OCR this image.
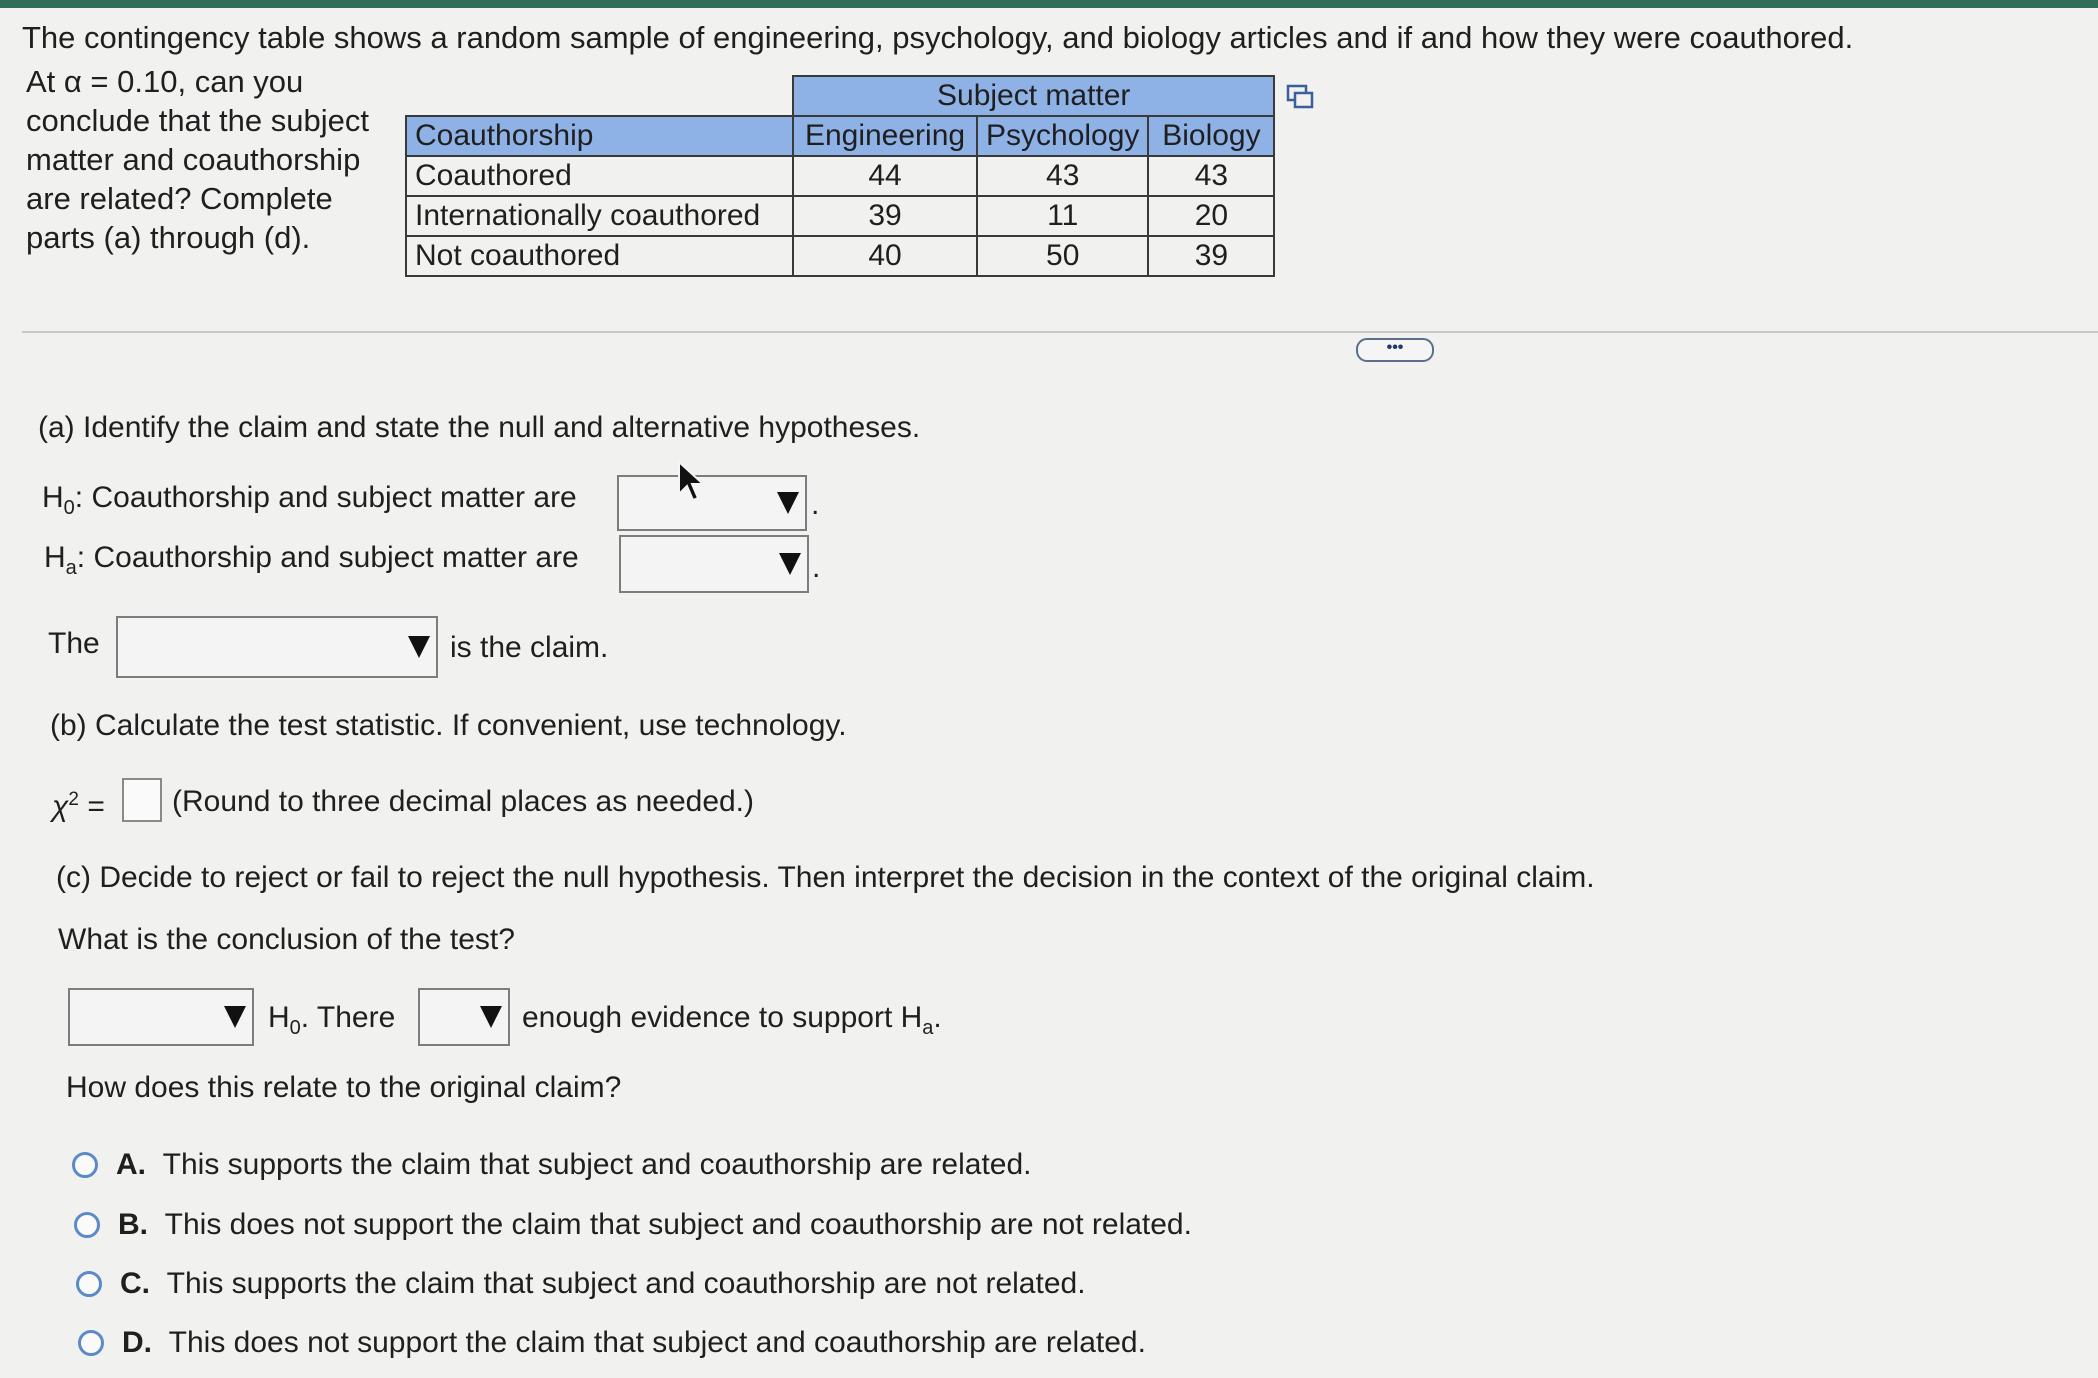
The contingency table shows a random sample of engineering, psychology, and biology articles and if and how they were coauthored.
At α = 0.10, can you
conclude that the subject
matter and coauthorship
are related? Complete
parts (a) through (d).
	Subject matter		
Coauthorship	Engineering	Psychology	Biology
Coauthored	44	43	43
Internationally coauthored	39	11	20
Not coauthored	40	50	39
•••
(a) Identify the claim and state the null and alternative hypotheses.
$H_0$: Coauthorship and subject matter are	.
$H_a$: Coauthorship and subject matter are	.
The	is the claim.
(b) Calculate the test statistic. If convenient, use technology.
$\chi^2$ = (Round to three decimal places as needed.)
(c) Decide to reject or fail to reject the null hypothesis. Then interpret the decision in the context of the original claim.
What is the conclusion of the test?
$H_0$. There	enough evidence to support $H_a$.
How does this relate to the original claim?
A. This supports the claim that subject and coauthorship are related.
B. This does not support the claim that subject and coauthorship are not related.
C. This supports the claim that subject and coauthorship are not related.
D. This does not support the claim that subject and coauthorship are related.
